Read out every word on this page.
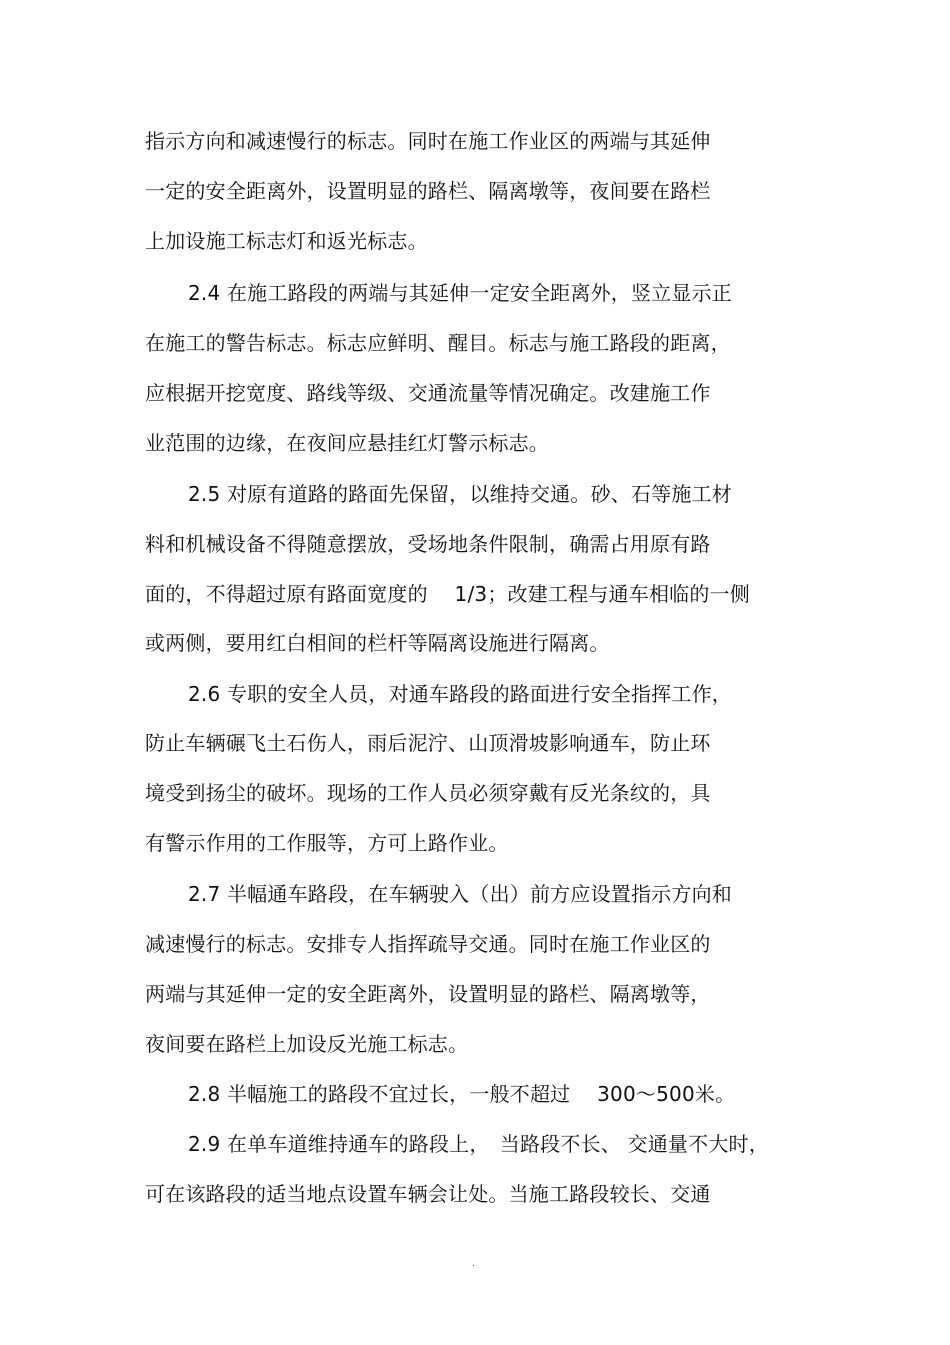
指示方向和减速慢行的标志。同时在施工作业区的两端与其延伸
一定的安全距离外，设置明显的路栏、隔离墩等，夜间要在路栏
上加设施工标志灯和返光标志。
2.4 在施工路段的两端与其延伸一定安全距离外，竖立显示正
在施工的警告标志。标志应鲜明、醒目。标志与施工路段的距离，
应根据开挖宽度、路线等级、交通流量等情况确定。改建施工作
业范围的边缘，在夜间应悬挂红灯警示标志。
2.5 对原有道路的路面先保留，以维持交通。砂、石等施工材
料和机械设备不得随意摆放，受场地条件限制，确需占用原有路
面的，不得超过原有路面宽度的　 1/3；改建工程与通车相临的一侧
或两侧，要用红白相间的栏杆等隔离设施进行隔离。
2.6 专职的安全人员，对通车路段的路面进行安全指挥工作，
防止车辆碾飞土石伤人，雨后泥泞、山顶滑坡影响通车，防止环
境受到扬尘的破坏。现场的工作人员必须穿戴有反光条纹的，具
有警示作用的工作服等，方可上路作业。
2.7 半幅通车路段，在车辆驶入（出）前方应设置指示方向和
减速慢行的标志。安排专人指挥疏导交通。同时在施工作业区的
两端与其延伸一定的安全距离外，设置明显的路栏、隔离墩等，
夜间要在路栏上加设反光施工标志。
2.8 半幅施工的路段不宜过长，一般不超过　 300～500米。
2.9 在单车道维持通车的路段上，　当路段不长、 交通量不大时，
可在该路段的适当地点设置车辆会让处。当施工路段较长、交通
.
